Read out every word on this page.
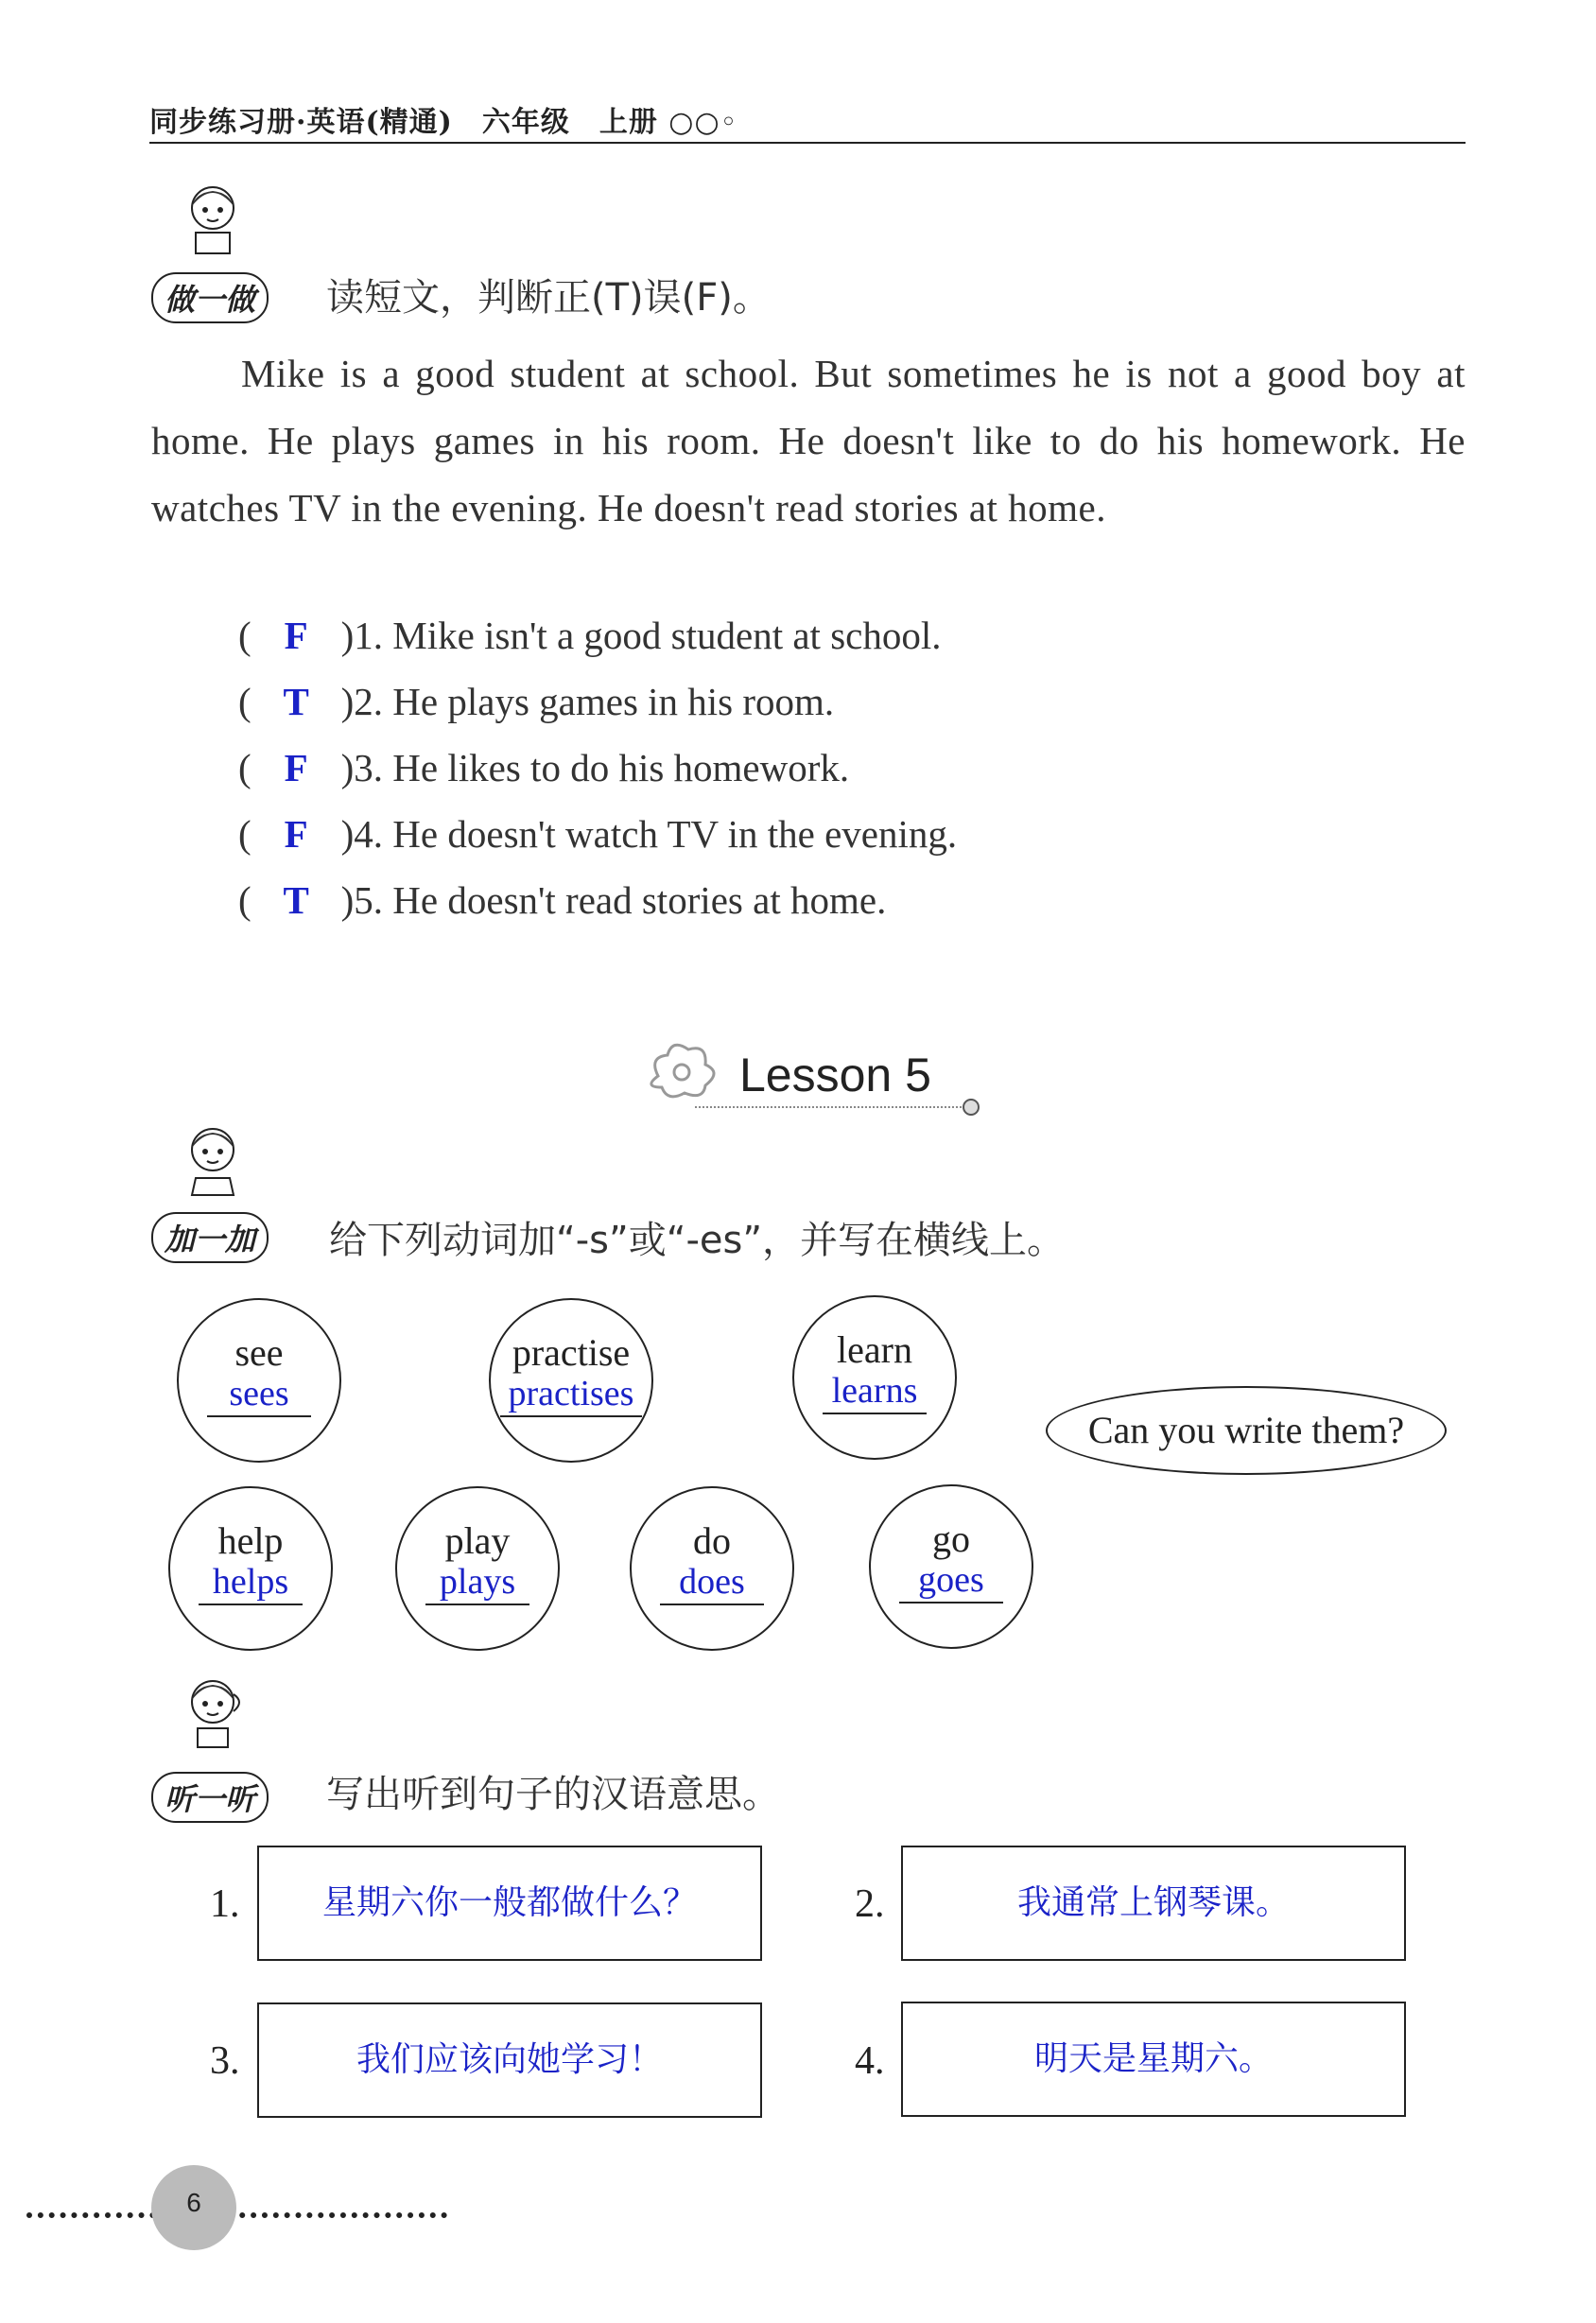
同步练习册·英语(精通)　六年级　上册 ○○◦
做一做	读短文，判断正(T)误(F)。
Mike is a good student at school. But sometimes he is not a good boy at home. He plays games in his room. He doesn't like to do his homework. He watches TV in the evening. He doesn't read stories at home.
( F )1. Mike isn't a good student at school.
( T )2. He plays games in his room.
( F )3. He likes to do his homework.
( F )4. He doesn't watch TV in the evening.
( T )5. He doesn't read stories at home.
Lesson 5
加一加	给下列动词加“-s”或“-es”，并写在横线上。
see
sees
practise
practises
learn
learns
Can you write them?
help
helps
play
plays
do
does
go
goes
听一听	写出听到句子的汉语意思。
1.	星期六你一般都做什么？	2.	我通常上钢琴课。
3.	我们应该向她学习！	4.	明天是星期六。
6
